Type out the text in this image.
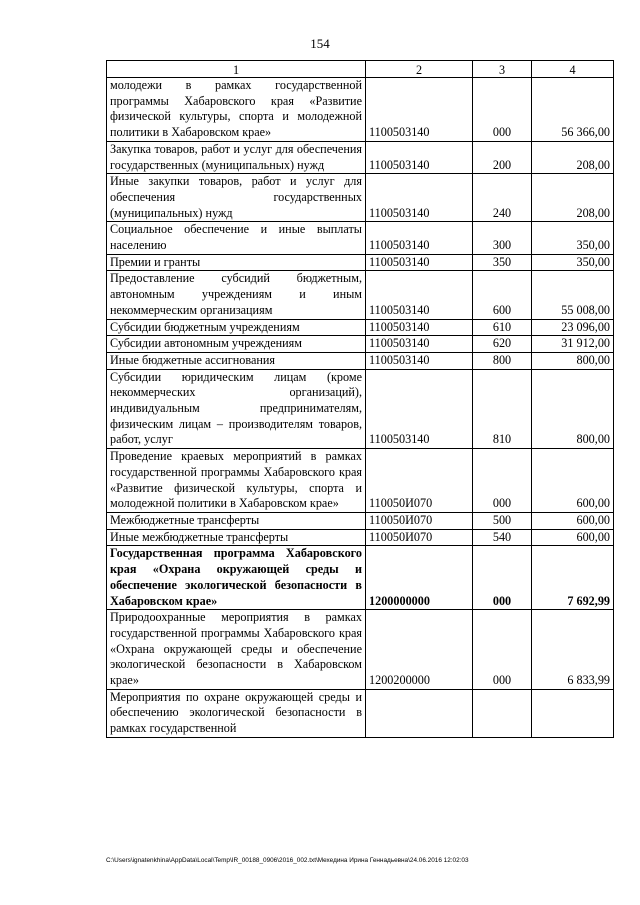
154
1	2	3	4
молодежи в рамках государственной программы Хабаровского края «Развитие физической культуры, спорта и молодежной политики в Хабаровском крае»	1100503140	000	56 366,00
Закупка товаров, работ и услуг для обеспечения государственных (муниципальных) нужд	1100503140	200	208,00
Иные закупки товаров, работ и услуг для обеспечения государственных (муниципальных) нужд	1100503140	240	208,00
Социальное обеспечение и иные выплаты населению	1100503140	300	350,00
Премии и гранты	1100503140	350	350,00
Предоставление субсидий бюджетным, автономным учреждениям и иным некоммерческим организациям	1100503140	600	55 008,00
Субсидии бюджетным учреждениям	1100503140	610	23 096,00
Субсидии автономным учреждениям	1100503140	620	31 912,00
Иные бюджетные ассигнования	1100503140	800	800,00
Субсидии юридическим лицам (кроме некоммерческих организаций), индивидуальным предпринимателям, физическим лицам – производителям товаров, работ, услуг	1100503140	810	800,00
Проведение краевых мероприятий в рамках государственной программы Хабаровского края «Развитие физической культуры, спорта и молодежной политики в Хабаровском крае»	110050И070	000	600,00
Межбюджетные трансферты	110050И070	500	600,00
Иные межбюджетные трансферты	110050И070	540	600,00
Государственная программа Хабаровского края «Охрана окружающей среды и обеспечение экологической безопасности в Хабаровском крае»	1200000000	000	7 692,99
Природоохранные мероприятия в рамках государственной программы Хабаровского края «Охрана окружающей среды и обеспечение экологической безопасности в Хабаровском крае»	1200200000	000	6 833,99
Мероприятия по охране окружающей среды и обеспечению экологической безопасности в рамках государственной			
C:\Users\ignatenkhina\AppData\Local\Temp\IR_00188_0906\2016_002.txt\Мехедина Ирина Геннадьевна\24.06.2016 12:02:03
